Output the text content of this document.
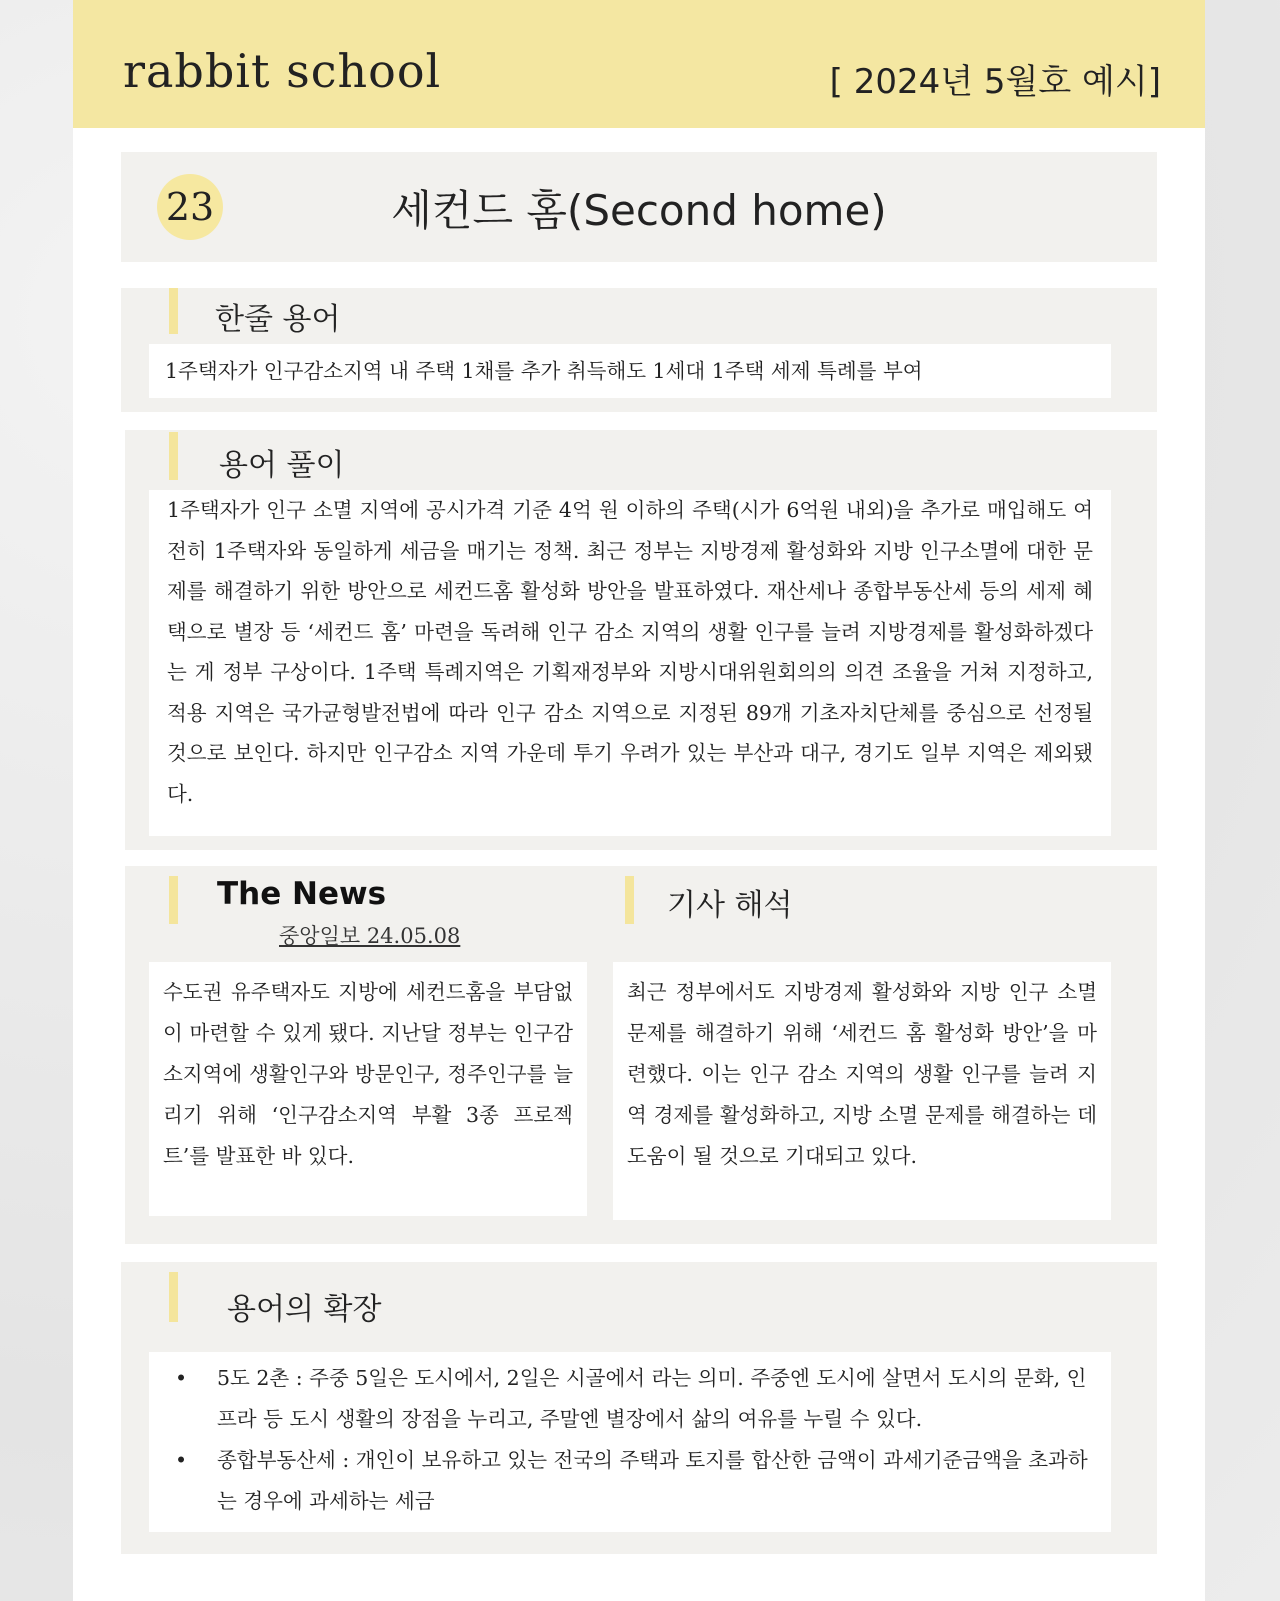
rabbit school	[ 2024년 5월호 예시]
23	세컨드 홈(Second home)
한줄 용어
1주택자가 인구감소지역 내 주택 1채를 추가 취득해도 1세대 1주택 세제 특례를 부여
용어 풀이
1주택자가 인구 소멸 지역에 공시가격 기준 4억 원 이하의 주택(시가 6억원 내외)을 추가로 매입해도 여전히 1주택자와 동일하게 세금을 매기는 정책. 최근 정부는 지방경제 활성화와 지방 인구소멸에 대한 문제를 해결하기 위한 방안으로 세컨드홈 활성화 방안을 발표하였다. 재산세나 종합부동산세 등의 세제 혜택으로 별장 등 ‘세컨드 홈’ 마련을 독려해 인구 감소 지역의 생활 인구를 늘려 지방경제를 활성화하겠다는 게 정부 구상이다. 1주택 특례지역은 기획재정부와 지방시대위원회의의 의견 조율을 거쳐 지정하고, 적용 지역은 국가균형발전법에 따라 인구 감소 지역으로 지정된 89개 기초자치단체를 중심으로 선정될 것으로 보인다. 하지만 인구감소 지역 가운데 투기 우려가 있는 부산과 대구, 경기도 일부 지역은 제외됐다.
The News
중앙일보 24.05.08
수도권 유주택자도 지방에 세컨드홈을 부담없이 마련할 수 있게 됐다. 지난달 정부는 인구감소지역에 생활인구와 방문인구, 정주인구를 늘리기 위해 ‘인구감소지역 부활 3종 프로젝트’를 발표한 바 있다.
기사 해석
최근 정부에서도 지방경제 활성화와 지방 인구 소멸 문제를 해결하기 위해 ‘세컨드 홈 활성화 방안’을 마련했다. 이는 인구 감소 지역의 생활 인구를 늘려 지역 경제를 활성화하고, 지방 소멸 문제를 해결하는 데 도움이 될 것으로 기대되고 있다.
용어의 확장
• 5도 2촌 : 주중 5일은 도시에서, 2일은 시골에서 라는 의미. 주중엔 도시에 살면서 도시의 문화, 인프라 등 도시 생활의 장점을 누리고, 주말엔 별장에서 삶의 여유를 누릴 수 있다.
• 종합부동산세 : 개인이 보유하고 있는 전국의 주택과 토지를 합산한 금액이 과세기준금액을 초과하는 경우에 과세하는 세금
